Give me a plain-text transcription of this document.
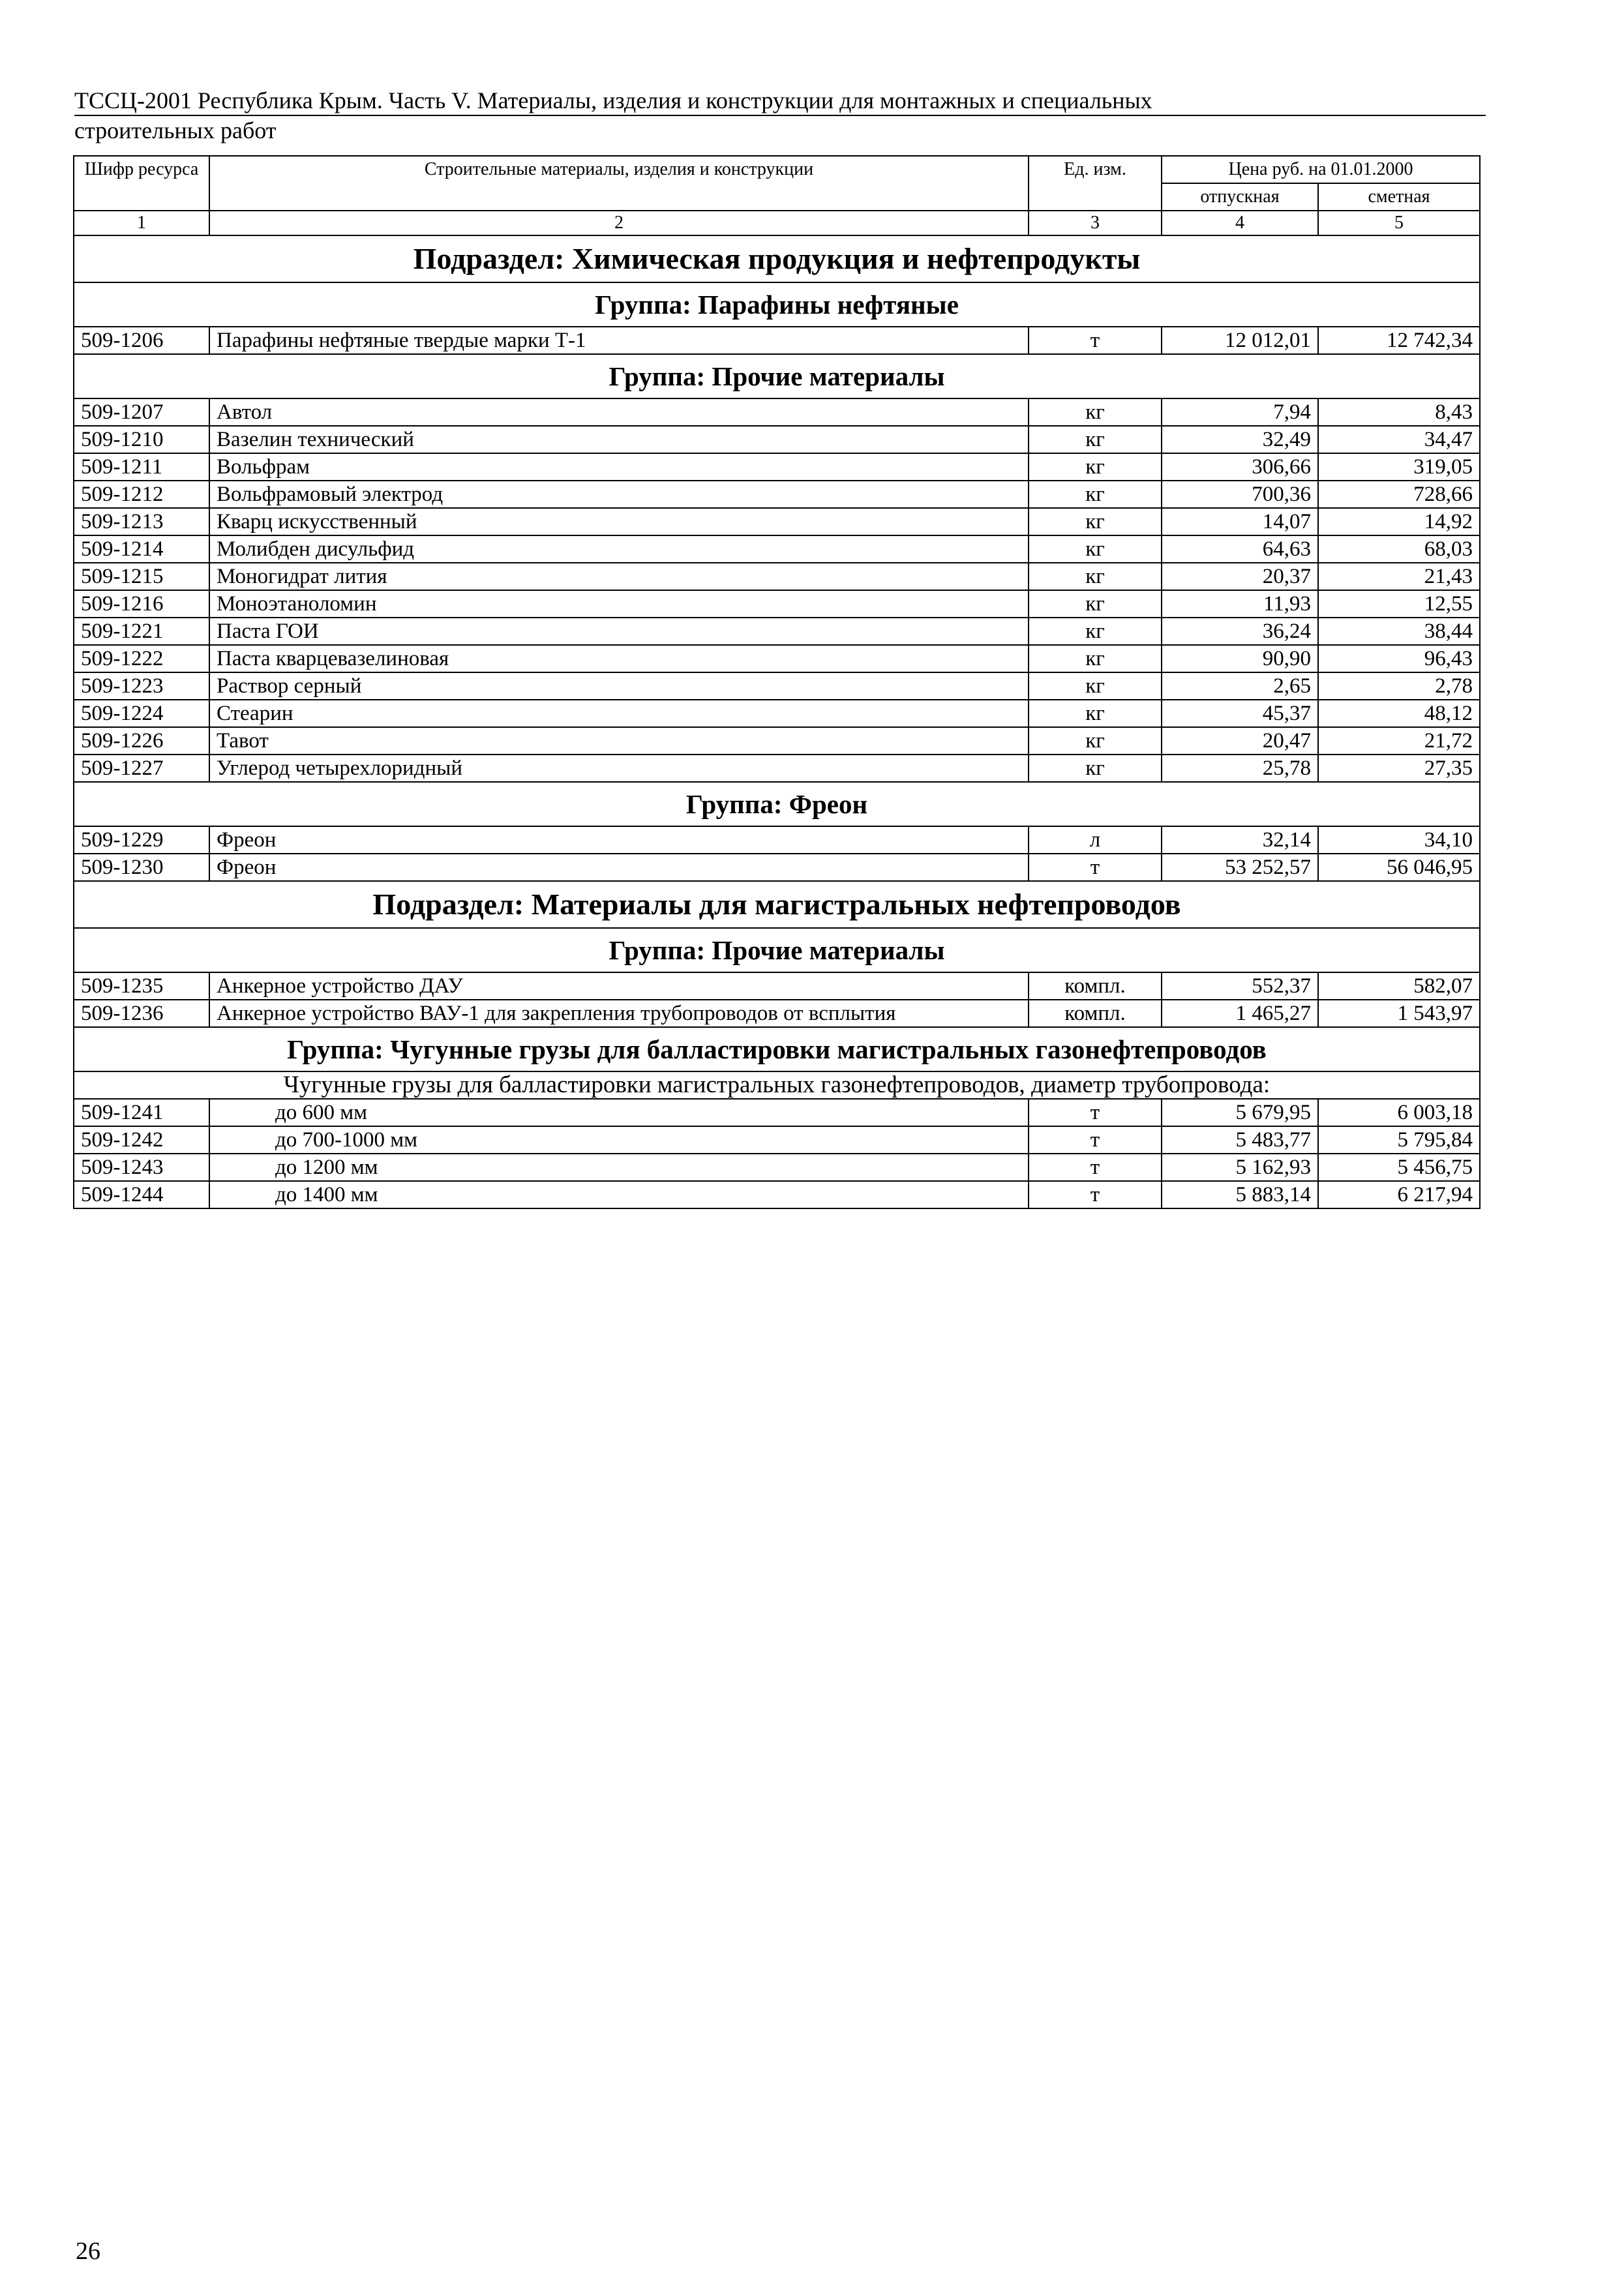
ТССЦ-2001 Республика Крым. Часть V. Материалы, изделия и конструкции для монтажных и специальных
строительных работ
Шифр ресурса	Строительные материалы, изделия и конструкции	Ед. изм.	Цена руб. на 01.01.2000	
			отпускная	сметная
1	2	3	4	5
Подраздел: Химическая продукция и нефтепродукты				
Группа: Парафины нефтяные				
509-1206	Парафины нефтяные твердые марки Т-1	т	12 012,01	12 742,34
Группа: Прочие материалы				
509-1207	Автол	кг	7,94	8,43
509-1210	Вазелин технический	кг	32,49	34,47
509-1211	Вольфрам	кг	306,66	319,05
509-1212	Вольфрамовый электрод	кг	700,36	728,66
509-1213	Кварц искусственный	кг	14,07	14,92
509-1214	Молибден дисульфид	кг	64,63	68,03
509-1215	Моногидрат лития	кг	20,37	21,43
509-1216	Моноэтаноломин	кг	11,93	12,55
509-1221	Паста ГОИ	кг	36,24	38,44
509-1222	Паста кварцевазелиновая	кг	90,90	96,43
509-1223	Раствор серный	кг	2,65	2,78
509-1224	Стеарин	кг	45,37	48,12
509-1226	Тавот	кг	20,47	21,72
509-1227	Углерод четырехлоридный	кг	25,78	27,35
Группа: Фреон				
509-1229	Фреон	л	32,14	34,10
509-1230	Фреон	т	53 252,57	56 046,95
Подраздел: Материалы для магистральных нефтепроводов				
Группа: Прочие материалы				
509-1235	Анкерное устройство ДАУ	компл.	552,37	582,07
509-1236	Анкерное устройство ВАУ-1 для закрепления трубопроводов от всплытия	компл.	1 465,27	1 543,97
Группа: Чугунные грузы для балластировки магистральных газонефтепроводов				
Чугунные грузы для балластировки магистральных газонефтепроводов, диаметр трубопровода:				
509-1241	до 600 мм	т	5 679,95	6 003,18
509-1242	до 700-1000 мм	т	5 483,77	5 795,84
509-1243	до 1200 мм	т	5 162,93	5 456,75
509-1244	до 1400 мм	т	5 883,14	6 217,94
26
